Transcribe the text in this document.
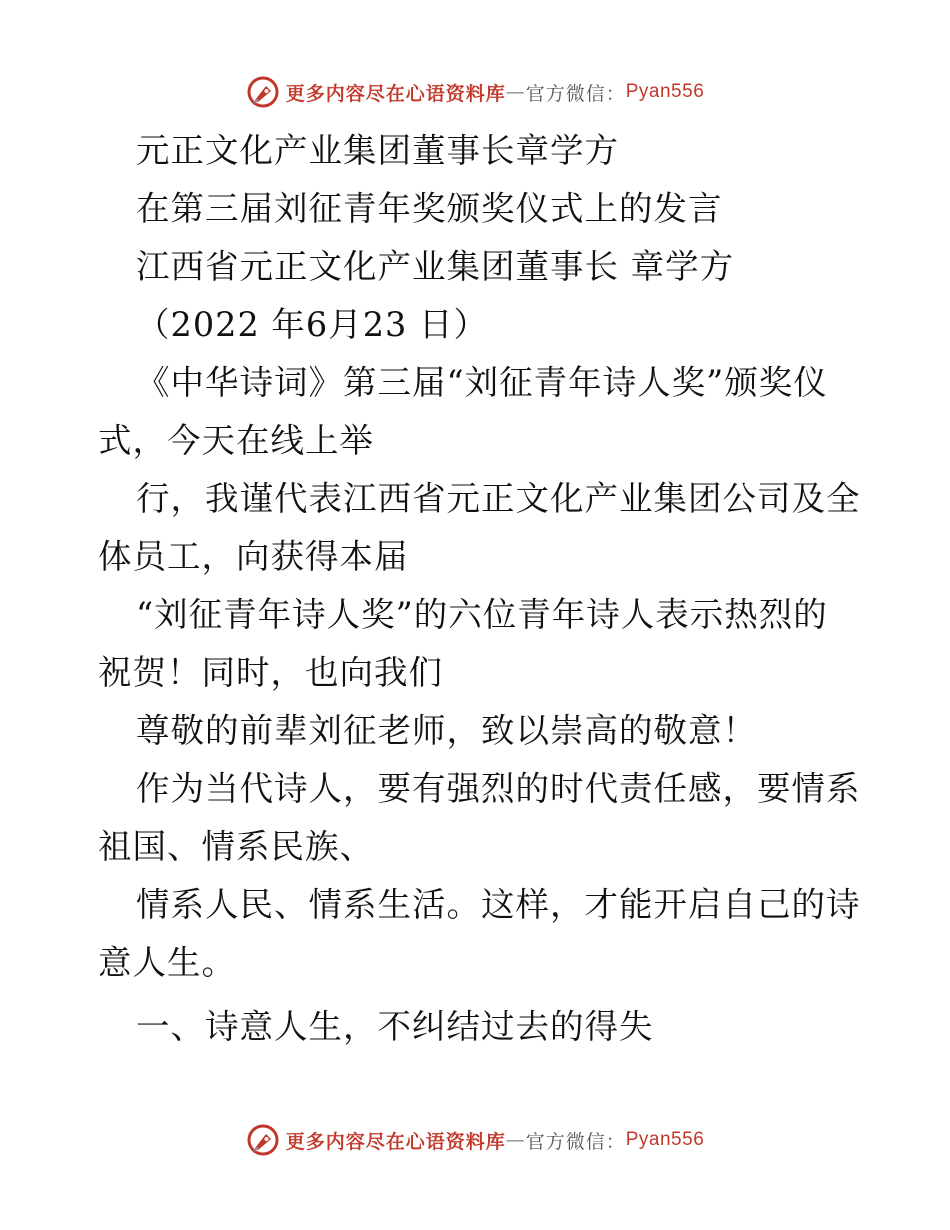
更多内容尽在心语资料库 — 官方微信： Pyan556
元正文化产业集团董事长章学方
在第三届刘征青年奖颁奖仪式上的发言
江西省元正文化产业集团董事长 章学方
（2022 年6月23 日）
《中华诗词》第三届“刘征青年诗人奖”颁奖仪
式，今天在线上举
行，我谨代表江西省元正文化产业集团公司及全
体员工，向获得本届
“刘征青年诗人奖”的六位青年诗人表示热烈的
祝贺！同时，也向我们
尊敬的前辈刘征老师，致以崇高的敬意！
作为当代诗人，要有强烈的时代责任感，要情系
祖国、情系民族、
情系人民、情系生活。这样，才能开启自己的诗
意人生。
一、诗意人生，不纠结过去的得失
更多内容尽在心语资料库 — 官方微信： Pyan556
